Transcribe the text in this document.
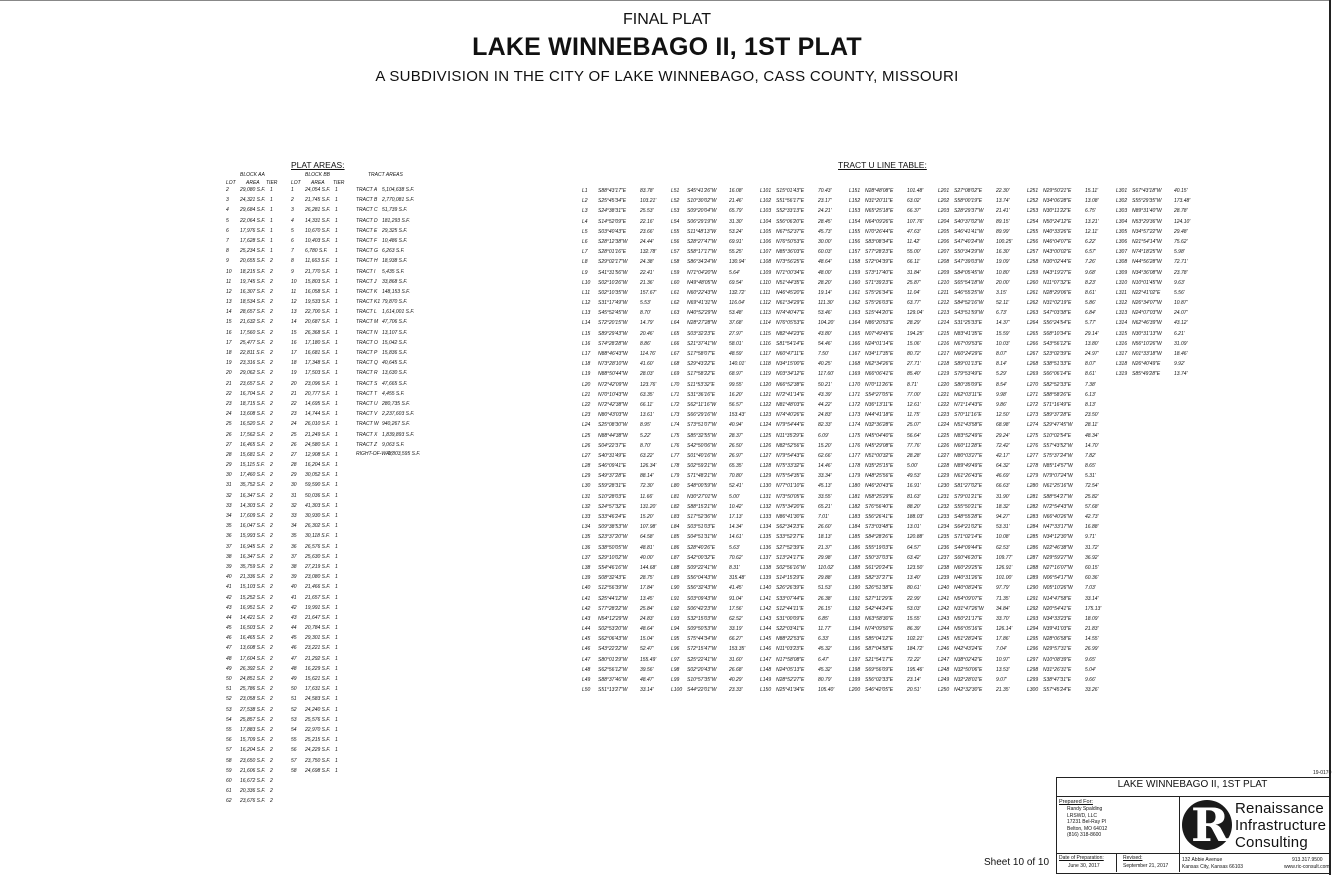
FINAL PLAT
LAKE WINNEBAGO II, 1ST PLAT
A SUBDIVISION IN THE CITY OF LAKE WINNEBAGO, CASS COUNTY, MISSOURI
PLAT AREAS:
BLOCK AA
LOT AREA TIER
2 29,080 S.F. 1
3 24,321 S.F. 1
4 29,684 S.F. 1
5 22,064 S.F. 1
6 17,976 S.F. 1
7 17,628 S.F. 1
8 25,234 S.F. 1
9 20,655 S.F. 2
10 18,215 S.F. 2
11 19,745 S.F. 2
12 16,307 S.F. 2
13 18,534 S.F. 2
14 28,657 S.F. 2
15 21,632 S.F. 2
16 17,560 S.F. 2
17 25,477 S.F. 2
18 22,811 S.F. 2
19 23,316 S.F. 2
20 29,062 S.F. 2
21 23,657 S.F. 2
22 16,704 S.F. 2
23 18,715 S.F. 2
24 13,608 S.F. 2
25 16,520 S.F. 2
26 17,562 S.F. 2
27 16,465 S.F. 2
28 15,681 S.F. 2
29 15,115 S.F. 2
30 17,460 S.F. 2
31 35,752 S.F. 2
32 16,347 S.F. 2
33 14,303 S.F. 2
34 17,609 S.F. 2
35 16,047 S.F. 2
36 15,993 S.F. 2
37 16,945 S.F. 2
38 16,347 S.F. 2
39 35,759 S.F. 2
40 21,336 S.F. 2
41 15,103 S.F. 2
42 15,252 S.F. 2
43 16,951 S.F. 2
44 14,421 S.F. 2
45 16,503 S.F. 2
46 16,465 S.F. 2
47 13,608 S.F. 2
48 17,604 S.F. 2
49 26,392 S.F. 2
50 24,851 S.F. 2
51 25,786 S.F. 2
52 23,058 S.F. 2
53 27,538 S.F. 2
54 25,857 S.F. 2
55 17,883 S.F. 2
56 15,709 S.F. 2
57 16,204 S.F. 2
58 23,650 S.F. 2
59 21,606 S.F. 2
60 16,672 S.F. 2
61 20,336 S.F. 2
62 23,676 S.F. 2
BLOCK BB
LOT AREA TIER
1 24,054 S.F. 1
2 21,745 S.F. 1
3 26,281 S.F. 1
4 14,331 S.F. 1
5 10,670 S.F. 1
6 10,403 S.F. 1
7 6,780 S.F. 1
8 11,663 S.F. 1
9 21,770 S.F. 1
10 15,803 S.F. 1
11 16,058 S.F. 1
12 19,533 S.F. 1
13 22,700 S.F. 1
14 20,687 S.F. 1
15 26,368 S.F. 1
16 17,180 S.F. 1
17 16,681 S.F. 1
18 17,348 S.F. 1
19 17,503 S.F. 1
20 23,096 S.F. 1
21 20,777 S.F. 1
22 14,695 S.F. 1
23 14,744 S.F. 1
24 26,010 S.F. 1
25 21,249 S.F. 1
26 24,580 S.F. 1
27 12,908 S.F. 1
28 16,204 S.F. 1
29 30,052 S.F. 1
30 59,590 S.F. 1
31 50,036 S.F. 1
32 41,303 S.F. 1
33 30,930 S.F. 1
34 26,302 S.F. 1
35 30,118 S.F. 1
36 26,576 S.F. 1
37 25,630 S.F. 1
38 27,219 S.F. 1
39 23,080 S.F. 1
40 21,466 S.F. 1
41 21,657 S.F. 1
42 19,991 S.F. 1
43 21,647 S.F. 1
44 20,784 S.F. 1
45 29,301 S.F. 1
46 23,221 S.F. 1
47 21,292 S.F. 1
48 16,229 S.F. 1
49 15,621 S.F. 1
50 17,631 S.F. 1
51 24,583 S.F. 1
52 24,240 S.F. 1
53 25,576 S.F. 1
54 22,970 S.F. 1
55 25,215 S.F. 1
56 24,229 S.F. 1
57 23,750 S.F. 1
58 24,698 S.F. 1
TRACT AREAS
TRACT A 5,104,638 S.F.
TRACT B 2,770,081 S.F.
TRACT C 51,739 S.F.
TRACT D 181,293 S.F.
TRACT E 29,325 S.F.
TRACT F 10,486 S.F.
TRACT G 6,263 S.F.
TRACT H 18,938 S.F.
TRACT I 5,435 S.F.
TRACT J 33,868 S.F.
TRACT K 148,153 S.F.
TRACT K1 79,870 S.F.
TRACT L 1,614,001 S.F.
TRACT M 47,706 S.F.
TRACT N 13,107 S.F.
TRACT O 15,042 S.F.
TRACT P 15,836 S.F.
TRACT Q 40,645 S.F.
TRACT R 13,630 S.F.
TRACT S 47,665 S.F.
TRACT T 4,455 S.F.
TRACT U 280,735 S.F.
TRACT V 2,237,603 S.F.
TRACT W 940,267 S.F.
TRACT X 1,839,893 S.F.
TRACT Z 9,063 S.F.
RIGHT-OF-WAY
1,803,595 S.F.
TRACT U LINE TABLE:
L1 S88°43'17"E	83.78'
L2 S25°45'34"E	103.21'
L3 S24°38'31"E	25.53'
L4 S14°52'09"E	22.16'
L5 S03°40'43"E	23.66'
L6 S28°12'38"W	24.44'
L7 S28°01'16"E	132.78'
L8 S29°02'17"W	24.38'
L9 S41°31'56"W	22.41'
L10 S02°10'26"W	21.36'
L11 S02°10'35"W	157.67'
L12 S31°17'49"W	5.53'
L13 S45°52'45"W	8.70'
L14 S72°20'15"W	14.79'
L15 S89°29'43"W	20.46'
L16 S74°28'28"W	8.86'
L17 N88°46'43"W 114.76'
L18 N73°28'10"W 41.60'
L19 N88°50'44"W 28.03'
L20 N72°42'09"W 123.76'
L21 N70°10'43"W 63.35'
L22 N72°42'38"W 66.11'
L23 N80°43'03"W 13.61'
L24 S25°08'30"W	8.95'
L25 N88°44'38"W 5.22'
L26 S04°22'37"E	8.70'
L27 S40°31'49"E	63.22'
L28 S46°09'41"E	126.34'
L29 S49°37'28"E	88.14'
L30 S59°28'31"E	72.30'
L31 S10°28'03"E	11.66'
L32 S24°57'32"E	131.20'
L33 S33°46'24"E	15.20'
L34 S09°38'53"W	107.98'
L35 S23°37'20"W	64.58'
L36 S38°50'05"W	48.81'
L37 S29°10'02"W	40.00'
L38 S54°46'16"W	144.68'
L39 S08°32'43"E	28.75'
L40 S12°56'39"W	17.84'
L41 S25°44'12"W	13.45'
L42 S77°28'22"W	25.84'
L43 N54°12'29"W 24.83'
L44 S02°53'20"W	48.64'
L45 S62°06'43"W	15.04'
L46 S43°22'22"W	52.47'
L47 S80°01'29"W	155.49'
L48 S62°56'12"W	39.56'
L49 S88°37'46"W	48.47'
L50 S51°13'27"W	33.14'
L51 S45°41'26"W	16.08'
L52 S10°30'02"W	21.46'
L53 S09°20'04"W	65.79'
L54 S06°29'19"W	31.30'
L55 S11°48'13"W	53.24'
L56 S28°27'47"W	69.91'
L57 S58°17'17"W	55.25'
L58 S86°34'24"W	130.94'
L59 N71°04'20"W 5.64'
L60 N49°48'05"W 69.54'
L61 N60°22'43"W 132.72'
L62 N69°41'31"W 116.04'
L63 N40°52'29"W 53.48'
L64 N28°27'28"W 37.68'
L65 S03°32'23"E	27.97'
L66 S21°37'41"W	58.01'
L67 S17°58'07"E	48.59'
L68 S29°43'22"E	140.01'
L69 S17°58'22"E	68.97'
L70 S11°53'32"E	99.55'
L71 S31°36'16"E	16.20'
L72 S62°11'16"W	56.57'
L73 S66°29'16"W	153.43'
L74 S73°51'07"W	40.94'
L75 S85°32'55"W	28.37'
L76 S42°50'06"W	26.50'
L77 S01°40'16"W	26.97'
L78 S02°59'21"W	65.35'
L79 S71°48'21"W	70.80'
L80 S48°00'59"W	52.41'
L81 N30°27'01"W 5.00'
L82 S88°15'21"W	10.42'
L83 S17°52'36"W	17.13'
L84 S03°51'03"E	14.34'
L85 S04°51'31"W	14.61'
L86 S28°40'26"E	5.63'
L87 S42°00'32"E	70.62'
L88 S09°22'41"W	8.31'
L89 S56°04'43"W	315.48'
L90 S56°32'43"W	41.45'
L91 S03°09'43"W	91.04'
L92 S06°42'23"W	17.56'
L93 S32°15'03"W	62.52'
L94 S09°50'53"W	33.19'
L95 S75°44'34"W	66.27'
L96 S72°15'47"W	153.35'
L97 S25°22'41"W	31.60'
L98 S02°20'43"W	26.68'
L99 S10°57'35"W	40.29'
L100 S44°22'01"W	23.33'
L101 S15°01'43"E	70.43'
L102 S51°56'17"E	23.17'
L103 S52°33'13"E	24.21'
L104 S56°06'20"E	28.45'
L105 N67°52'37"E	45.73'
L106 N76°50'53"E	30.00'
L107 N85°36'03"E	60.03'
L108 N73°56'25"E	48.64'
L109 N71°00'34"E	48.00'
L110 N51°44'35"E	28.20'
L111 N46°45'20"E	19.14'
L112 N61°34'29"E	111.30'
L113 N74°40'47"E	53.46'
L114 N76°05'53"E	104.20'
L115 N82°44'23"E	43.80'
L116 S81°54'14"E	54.46'
L117 N60°47'11"E	7.50'
L118 N34°15'00"E	40.25'
L119 N03°34'12"E	117.60'
L120 N66°52'38"E	50.21'
L121 N72°41'14"E	43.39'
L122 N81°48'03"E	44.22'
L123 N74°40'26"E	24.83'
L124 N79°54'44"E	82.33'
L125 N11°35'29"E	6.09'
L126 N82°52'56"E	15.20'
L127 N79°54'43"E	62.66'
L128 N75°33'32"E	14.46'
L129 N75°54'35"E	33.34'
L130 N77°01'10"E	45.13'
L131 N73°50'05"E	33.55'
L132 N75°34'20"E	65.21'
L133 N86°41'30"E	7.01'
L134 S62°34'23"E	26.60'
L135 S33°52'27"E	18.13'
L136 S27°52'39"E	21.37'
L137 S13°24'17"E	29.98'
L138 S02°56'16"W	110.02'
L139 S14°15'29"E	29.88'
L140 S26°26'39"E	51.53'
L141 S33°07'44"E	26.38'
L142 S12°44'11"E	26.15'
L143 S31°00'09"E	6.85'
L144 S22°03'41"E	11.77'
L145 N88°22'53"E	6.33'
L146 N11°03'23"E	45.32'
L147 N17°58'08"E	6.47'
L148 N24°05'13"E	45.32'
L149 N28°52'27"E	80.79'
L150 N25°41'34"E	105.40'
L151 N28°48'08"E	101.48'
L152 N31°20'11"E	63.02'
L153 N65°25'18"E	66.37'
L154 N64°09'26"E	107.76'
L155 N70°26'44"E	47.63'
L156 S83°08'34"E	11.42'
L157 S77°28'23"E	55.00'
L158 S72°04'39"E	66.11'
L159 S73°17'40"E	31.84'
L160 S71°39'23"E	25.87'
L161 S75°26'34"E	11.04'
L162 S75°26'03"E	63.77'
L163 S15°44'20"E	129.04'
L164 N86°20'53"E	28.29'
L165 N07°49'45"E	194.25'
L166 N24°01'14"E	15.06'
L167 N34°17'35"E	80.72'
L168 N62°34'26"E	27.71'
L169 N66°06'41"E	85.40'
L170 N70°11'26"E	8.71'
L171 S54°27'05"E	77.00'
L172 N36°13'11"E	12.61'
L173 N44°41'18"E	11.75'
L174 N32°36'28"E	25.07'
L175 N45°04'40"E	56.64'
L176 N45°29'08"E	77.76'
L177 N51°00'32"E	28.28'
L178 N35°25'15"E	5.00'
L179 N48°25'56"E	49.53'
L180 N46°20'43"E	16.91'
L181 N58°25'29"E	81.63'
L182 S76°56'40"E	88.20'
L183 S56°26'41"E	188.03'
L184 S73°03'48"E	13.01'
L185 S84°28'26"E	120.88'
L186 S55°19'03"E	64.57'
L187 S50°37'03"E	63.42'
L188 S61°20'24"E	123.50'
L189 S82°37'27"E	13.40'
L190 S26°51'38"E	80.61'
L191 S27°11'29"E	22.99'
L192 S42°44'24"E	53.03'
L193 N63°58'30"E	15.55'
L194 N74°09'50"E	86.39'
L195 S85°04'12"E	102.21'
L196 S87°04'58"E	184.72'
L197 S21°54'17"E	72.22'
L198 S69°56'09"E	195.46'
L199 S56°02'33"E	23.14'
L200 S46°42'05"E	20.51'
L201 S27°08'02"E	22.30'
L202 S58°00'19"E	13.74'
L203 S28°29'37"W	21.41'
L204 S40°37'02"W	89.15'
L205 S46°41'41"W	89.99'
L206 S47°40'24"W	100.25'
L207 S50°34'29"W	16.30'
L208 S47°39'03"W	19.09'
L209 S84°05'45"W	10.80'
L210 S65°54'18"W	20.00'
L211 S46°55'25"W	3.15'
L212 S84°52'16"W	52.11'
L213 S43°51'59"W	6.73'
L214 S31°25'33"E	14.37'
L215 N83°41'35"E	15.59'
L216 N67°09'53"E	10.03'
L217 N60°24'29"E	8.07'
L218 S89°01'13"E	8.14'
L219 S79°53'49"E	5.29'
L220 S80°35'09"E	8.54'
L221 N62°03'11"E	9.98'
L222 N71°14'43"E	9.86'
L223 S70°11'16"E	12.50'
L224 N51°43'58"E	68.98'
L225 N83°52'49"E	29.24'
L226 N60°11'28"E	72.42'
L227 N80°03'27"E	42.17'
L228 N89°49'49"E	64.32'
L229 N61°26'43"E	46.69'
L230 S81°27'02"E	66.63'
L231 S79°01'21"E	31.90'
L232 S55°50'21"E	18.32'
L233 S48°55'28"E	94.27'
L234 S64°21'02"E	53.31'
L235 S71°02'14"E	10.08'
L236 S44°09'44"E	62.53'
L237 S60°46'20"E	109.77'
L238 N60°29'25"E	126.91'
L239 N40°31'26"E	101.00'
L240 N40°08'24"E	97.79'
L241 N54°09'07"E	71.35'
L242 N31°47'26"W 34.84'
L243 N50°21'17"E	33.70'
L244 N56°05'16"E	126.14'
L245 N51°28'24"E	17.86'
L246 N42°43'24"E	7.04'
L247 N38°02'42"E	10.97'
L248 N32°50'06"E	13.53'
L249 N32°28'01"E	9.07'
L250 N42°32'30"E	21.35'
L251 N29°50'21"E	15.11'
L252 N34°06'28"E	13.08'
L253 N30°11'22"E	6.75'
L254 N50°24'12"E	13.21'
L255 N40°33'26"E	12.11'
L256 N46°04'07"E	6.22'
L257 N43°00'02"E	6.57'
L258 N30°02'44"E	7.26'
L259 N43°19'27"E	9.68'
L260 N11°07'32"E	8.23'
L261 N28°29'06"E	8.61'
L262 N31°02'19"E	5.86'
L263 S47°03'38"E	6.84'
L264 S56°24'54"E	5.77'
L265 S68°10'34"E	29.14'
L266 S43°56'12"E	13.80'
L267 S23°02'39"E	24.97'
L268 S38°51'33"E	8.07'
L269 S66°06'14"E	8.61'
L270 S82°52'33"E	7.38'
L271 S88°58'26"E	6.13'
L272 S71°16'49"E	8.13'
L273 S89°37'28"E	23.50'
L274 S29°47'45"W	28.11'
L275 S10°02'54"E	48.34'
L276 S57°43'52"W	14.70'
L277 S75°37'24"W	7.82'
L278 N85°14'57"W 8.65'
L279 N79°07'24"W 5.31'
L280 N61°25'16"W 72.54'
L281 S88°54'27"W	25.82'
L282 N72°54'43"W 57.68'
L283 N66°40'26"W 42.73'
L284 N47°33'17"W 16.88'
L285 N34°12'30"W 9.71'
L286 N22°46'38"W 31.72'
L287 N29°59'27"W 36.92'
L288 N27°16'07"W 60.15'
L289 N06°54'17"W 60.36'
L290 N05°10'26"W 7.03'
L291 N14°47'58"E	33.14'
L292 N20°54'41"E	175.13'
L293 N34°33'23"E	18.09'
L294 N39°41'03"E	21.83'
L295 N28°06'58"E	14.55'
L296 N29°57'31"E	26.99'
L297 N10°08'39"E	9.65'
L298 N31°26'31"E	5.04'
L299 S38°47'31"E	9.66'
L300 S57°45'24"E	33.26'
L301 S67°43'18"W	40.15'
L302 S55°29'35"W	173.48'
L303 N89°31'40"W 28.78'
L304 N53°29'36"W 124.10'
L305 N34°57'22"W 29.48'
L306 N21°54'14"W 75.62'
L307 N74°18'25"W 5.98'
L308 N44°56'28"W 72.71'
L309 N34°36'08"W 23.78'
L310 N10°01'45"W 9.63'
L311 N22°41'02"E	5.56'
L312 N26°34'07"W 10.87'
L313 N24°07'03"W 24.07'
L314 N62°46'39"W 43.12'
L315 N30°31'13"W 6.21'
L316 N56°10'26"W 31.09'
L317 N01°33'18"W 18.46'
L318 N26°40'49"E	9.92'
L319 S85°49'28"E	13.74'
19-0170
Sheet 10 of 10
LAKE WINNEBAGO II, 1ST PLAT
Prepared For:
Randy Spalding
LRSWD, LLC
17231 Bel-Ray Pl
Belton, MO 64012
(816) 318-8600 R Renaissance
Infrastructure
Consulting
Date of Preparation:
June 30, 2017
Revised:
September 21, 2017
132 Abbie Avenue
Kansas City, Kansas 66103
913.317.9500
www.ric-consult.com
